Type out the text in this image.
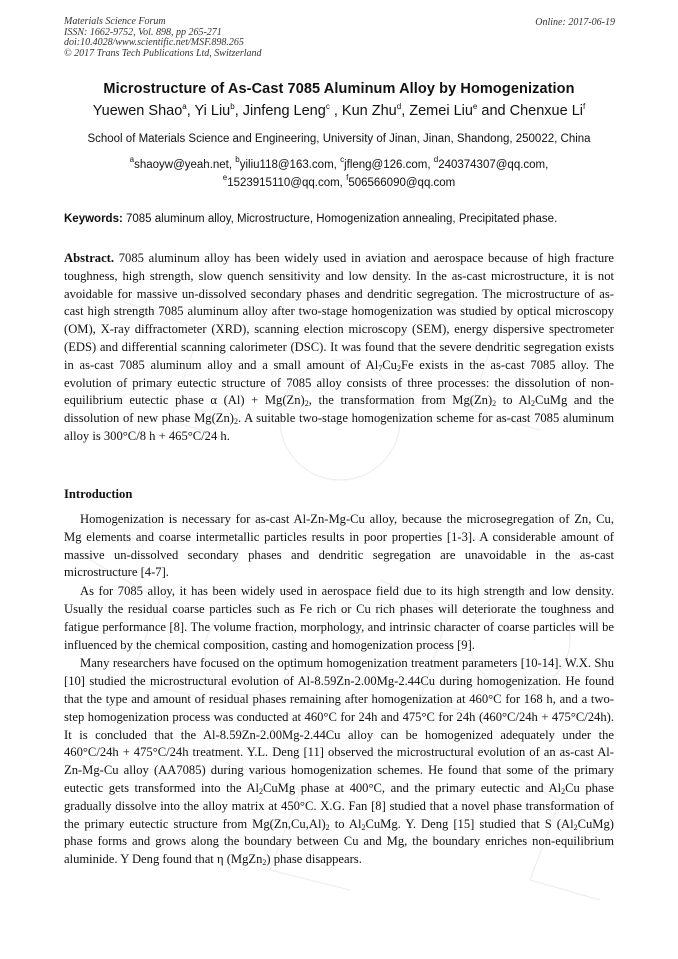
Materials Science Forum
ISSN: 1662-9752, Vol. 898, pp 265-271
doi:10.4028/www.scientific.net/MSF.898.265
© 2017 Trans Tech Publications Ltd, Switzerland
Online: 2017-06-19
Microstructure of As-Cast 7085 Aluminum Alloy by Homogenization
Yuewen Shao$^a$, Yi Liu$^b$, Jinfeng Leng$^c$ , Kun Zhu$^d$, Zemei Liu$^e$ and Chenxue Li$^f$
School of Materials Science and Engineering, University of Jinan, Jinan, Shandong, 250022, China
$^a$shaoyw@yeah.net, $^b$yiliu118@163.com, $^c$jfleng@126.com, $^d$240374307@qq.com,
$^e$1523915110@qq.com, $^f$506566090@qq.com
Keywords: 7085 aluminum alloy, Microstructure, Homogenization annealing, Precipitated phase.
Abstract. 7085 aluminum alloy has been widely used in aviation and aerospace because of high fracture toughness, high strength, slow quench sensitivity and low density. In the as-cast microstructure, it is not avoidable for massive un-dissolved secondary phases and dendritic segregation. The microstructure of as-cast high strength 7085 aluminum alloy after two-stage homogenization was studied by optical microscopy (OM), X-ray diffractometer (XRD), scanning election microscopy (SEM), energy dispersive spectrometer (EDS) and differential scanning calorimeter (DSC). It was found that the severe dendritic segregation exists in as-cast 7085 aluminum alloy and a small amount of $Al_7Cu_2Fe$ exists in the as-cast 7085 alloy. The evolution of primary eutectic structure of 7085 alloy consists of three processes: the dissolution of non-equilibrium eutectic phase α $(Al) + Mg(Zn)_2$, the transformation from $Mg(Zn)_2$ to $Al_2CuMg$ and the dissolution of new phase $Mg(Zn)_2$. A suitable two-stage homogenization scheme for as-cast 7085 aluminum alloy is 300°C/8 h + 465°C/24 h.
Introduction

Homogenization is necessary for as-cast Al-Zn-Mg-Cu alloy, because the microsegregation of Zn, Cu, Mg elements and coarse intermetallic particles results in poor properties [1-3]. A considerable amount of massive un-dissolved secondary phases and dendritic segregation are unavoidable in the as-cast microstructure [4-7].

As for 7085 alloy, it has been widely used in aerospace field due to its high strength and low density. Usually the residual coarse particles such as Fe rich or Cu rich phases will deteriorate the toughness and fatigue performance [8]. The volume fraction, morphology, and intrinsic character of coarse particles will be influenced by the chemical composition, casting and homogenization process [9].

Many researchers have focused on the optimum homogenization treatment parameters [10-14]. W.X. Shu [10] studied the microstructural evolution of Al-8.59Zn-2.00Mg-2.44Cu during homogenization. He found that the type and amount of residual phases remaining after homogenization at 460°C for 168 h, and a two-step homogenization process was conducted at 460°C for 24h and 475°C for 24h (460°C/24h + 475°C/24h). It is concluded that the Al-8.59Zn-2.00Mg-2.44Cu alloy can be homogenized adequately under the 460°C/24h + 475°C/24h treatment. Y.L. Deng [11] observed the microstructural evolution of an as-cast Al-Zn-Mg-Cu alloy (AA7085) during various homogenization schemes. He found that some of the primary eutectic gets transformed into the $Al_2CuMg$ phase at 400°C, and the primary eutectic and $Al_2Cu$ phase gradually dissolve into the alloy matrix at 450°C. X.G. Fan [8] studied that a novel phase transformation of the primary eutectic structure from $Mg(Zn,Cu,Al)_2$ to $Al_2CuMg$. Y. Deng [15] studied that S $(Al_2CuMg)$ phase forms and grows along the boundary between Cu and Mg, the boundary enriches non-equilibrium aluminide. Y Deng found that η (MgZn$_2$) phase disappears.
